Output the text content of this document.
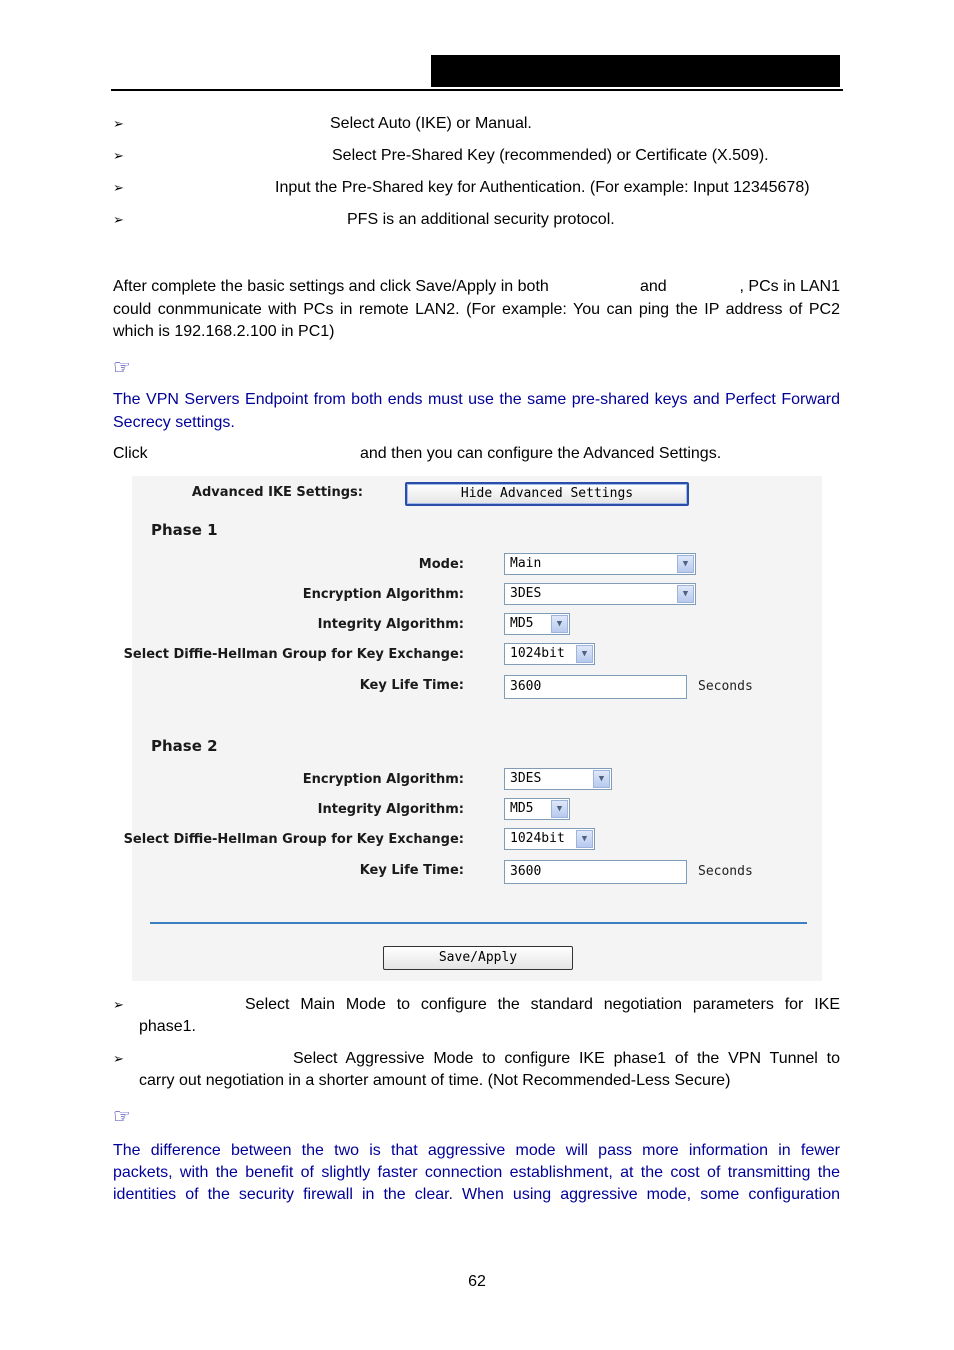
➢	Select Auto (IKE) or Manual.
➢	Select Pre-Shared Key (recommended) or Certificate (X.509).
➢	Input the Pre-Shared key for Authentication. (For example: Input 12345678)
➢	PFS is an additional security protocol.
After complete the basic settings and click Save/Apply in both	and	, PCs in LAN1
could conmmunicate with PCs in remote LAN2. (For example: You can ping the IP address of PC2
which is 192.168.2.100 in PC1)
☞
The VPN Servers Endpoint from both ends must use the same pre-shared keys and Perfect Forward Secrecy settings.
Click	and then you can configure the Advanced Settings.
Advanced IKE Settings:	Hide Advanced Settings
Phase 1
Mode:	Main	▼
Encryption Algorithm:	3DES	▼
Integrity Algorithm:	MD5	▼
Select Diffie-Hellman Group for Key Exchange:	1024bit	▼
Key Life Time:	3600	Seconds
Phase 2
Encryption Algorithm:	3DES	▼
Integrity Algorithm:	MD5	▼
Select Diffie-Hellman Group for Key Exchange:	1024bit	▼
Key Life Time:	3600	Seconds
Save/Apply
➢	Select Main Mode to configure the standard negotiation parameters for IKE
phase1.
➢	Select Aggressive Mode to configure IKE phase1 of the VPN Tunnel to
carry out negotiation in a shorter amount of time. (Not Recommended-Less Secure)
☞
The difference between the two is that aggressive mode will pass more information in fewer
packets, with the benefit of slightly faster connection establishment, at the cost of transmitting the
identities of the security firewall in the clear. When using aggressive mode, some configuration
62
